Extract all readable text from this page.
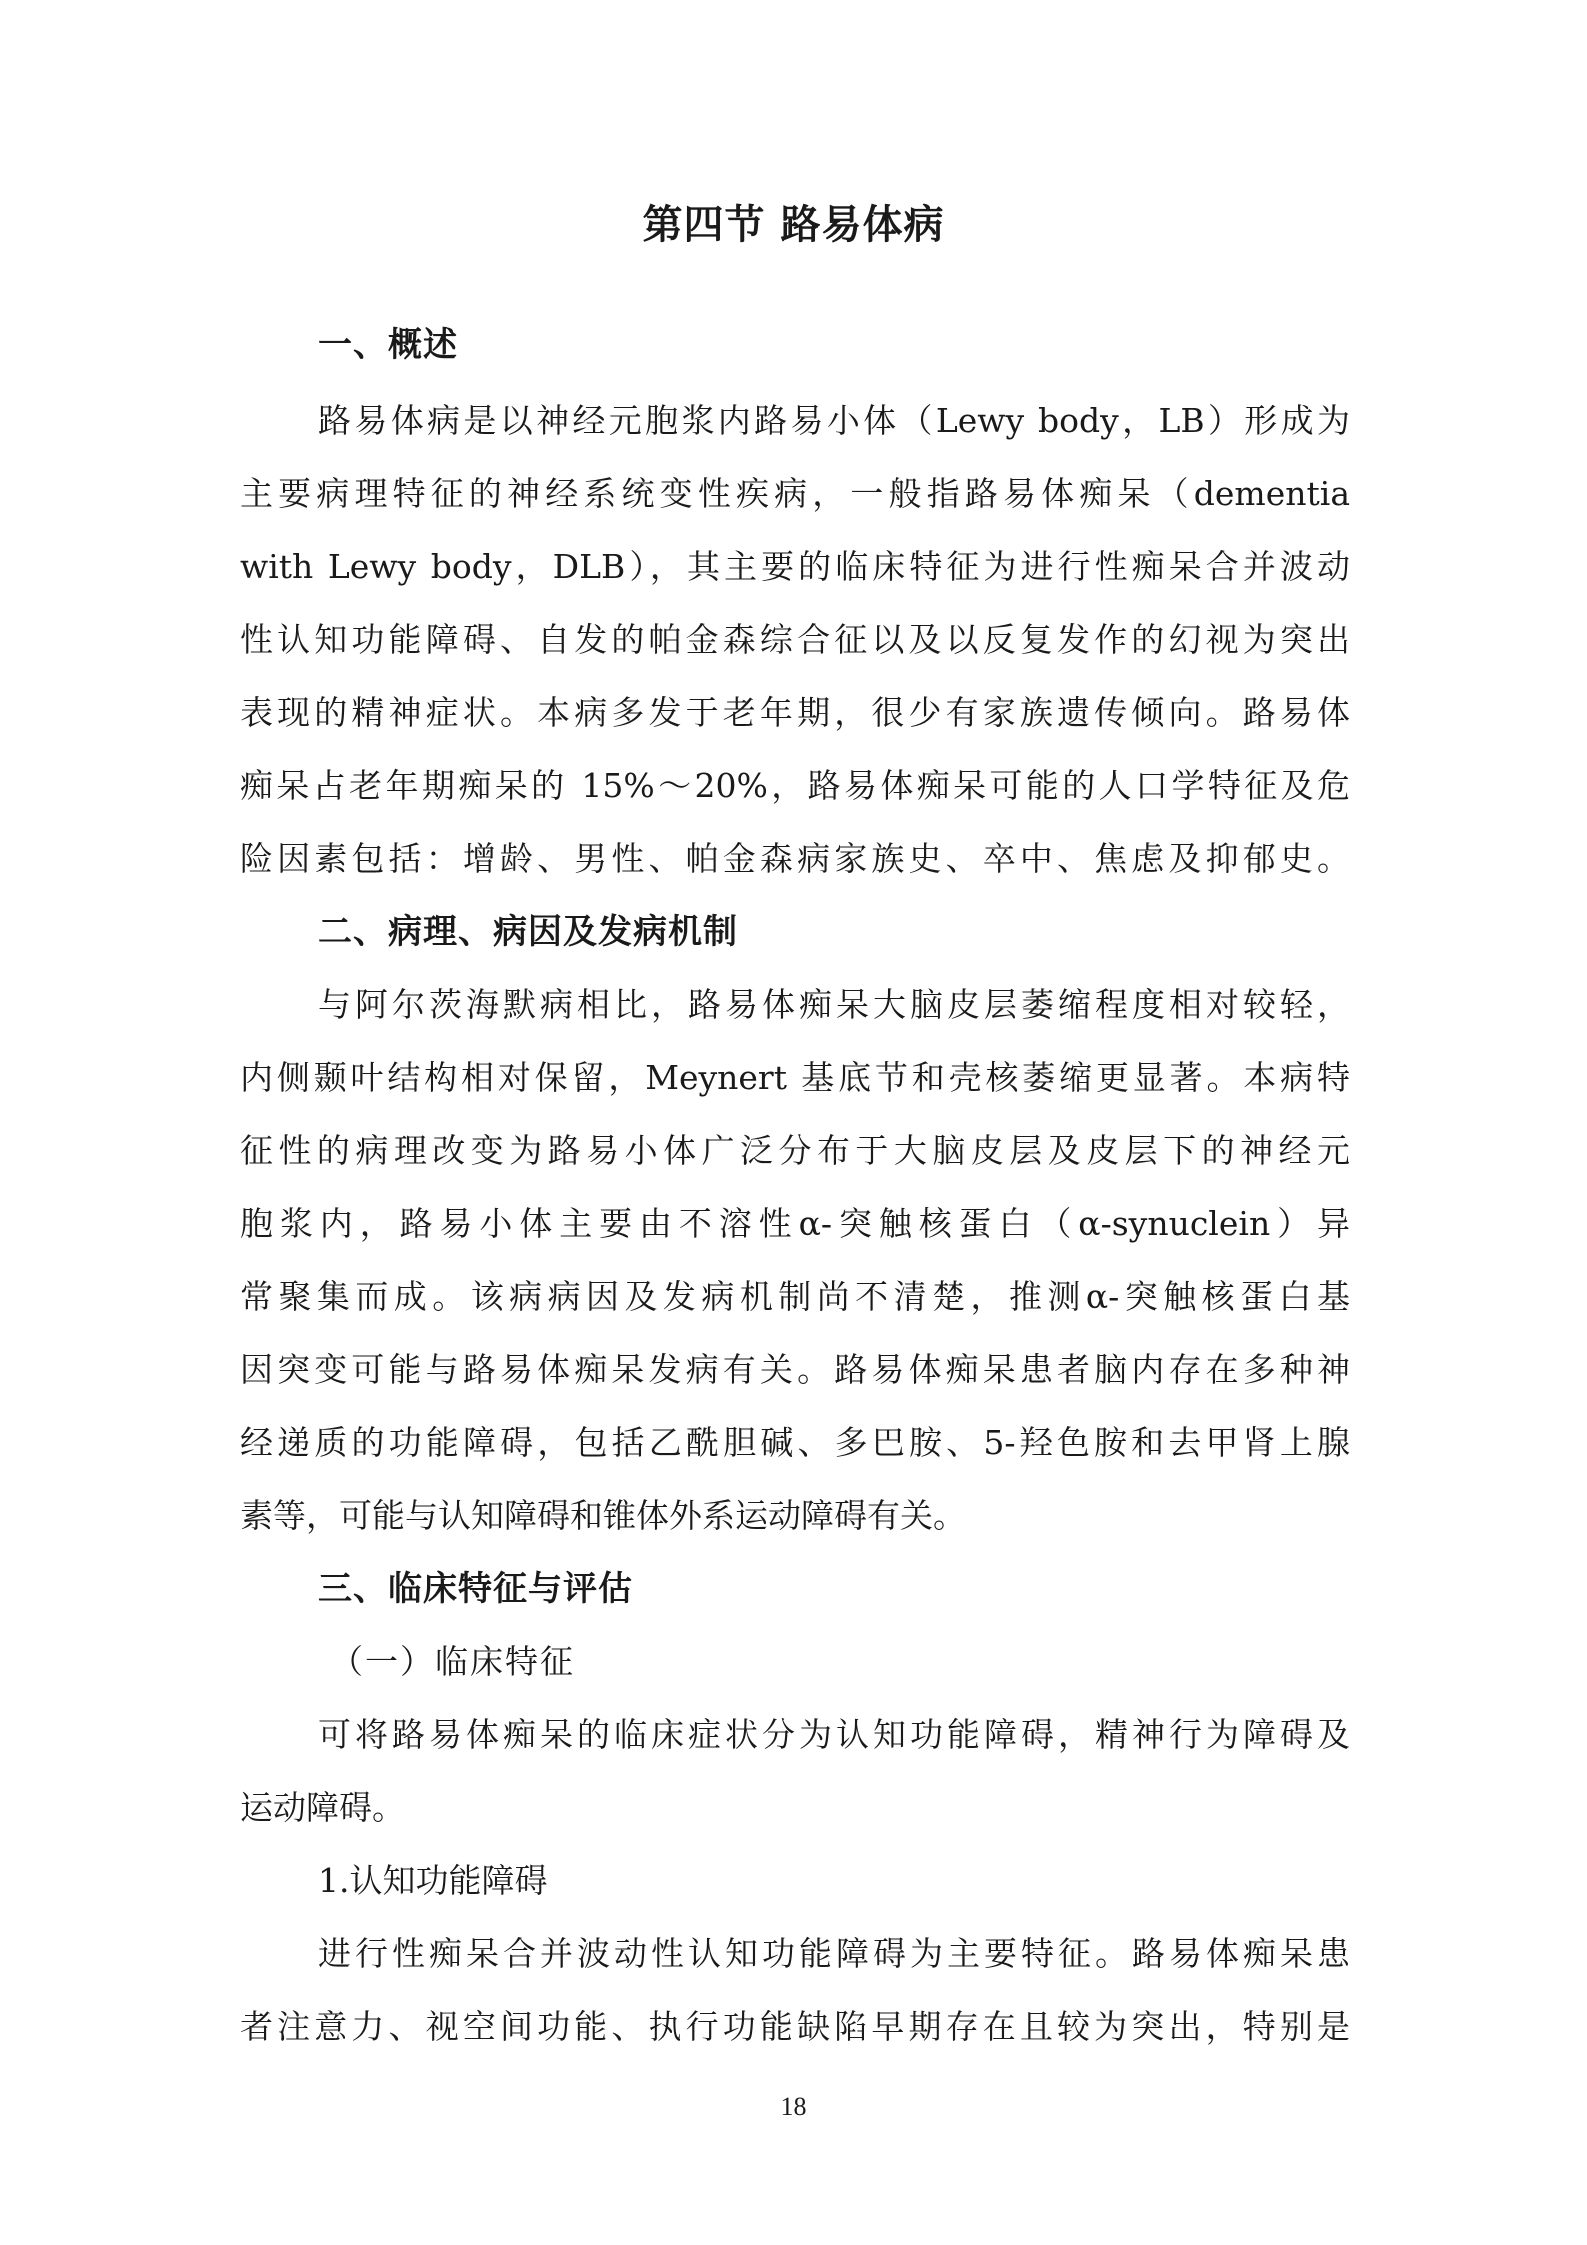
第四节 路易体病
一、概述
路易体病是以神经元胞浆内路易小体（Lewy body，LB）形成为
主要病理特征的神经系统变性疾病，一般指路易体痴呆（dementia
with Lewy body，DLB），其主要的临床特征为进行性痴呆合并波动
性认知功能障碍、自发的帕金森综合征以及以反复发作的幻视为突出
表现的精神症状。本病多发于老年期，很少有家族遗传倾向。路易体
痴呆占老年期痴呆的 15%～20%，路易体痴呆可能的人口学特征及危
险因素包括：增龄、男性、帕金森病家族史、卒中、焦虑及抑郁史。
二、病理、病因及发病机制
与阿尔茨海默病相比，路易体痴呆大脑皮层萎缩程度相对较轻，
内侧颞叶结构相对保留，Meynert 基底节和壳核萎缩更显著。本病特
征性的病理改变为路易小体广泛分布于大脑皮层及皮层下的神经元
胞浆内，路易小体主要由不溶性α-突触核蛋白（α-synuclein）异
常聚集而成。该病病因及发病机制尚不清楚，推测α-突触核蛋白基
因突变可能与路易体痴呆发病有关。路易体痴呆患者脑内存在多种神
经递质的功能障碍，包括乙酰胆碱、多巴胺、5-羟色胺和去甲肾上腺
素等，可能与认知障碍和锥体外系运动障碍有关。
三、临床特征与评估
（一）临床特征
可将路易体痴呆的临床症状分为认知功能障碍，精神行为障碍及
运动障碍。
1.认知功能障碍
进行性痴呆合并波动性认知功能障碍为主要特征。路易体痴呆患
者注意力、视空间功能、执行功能缺陷早期存在且较为突出，特别是
18
